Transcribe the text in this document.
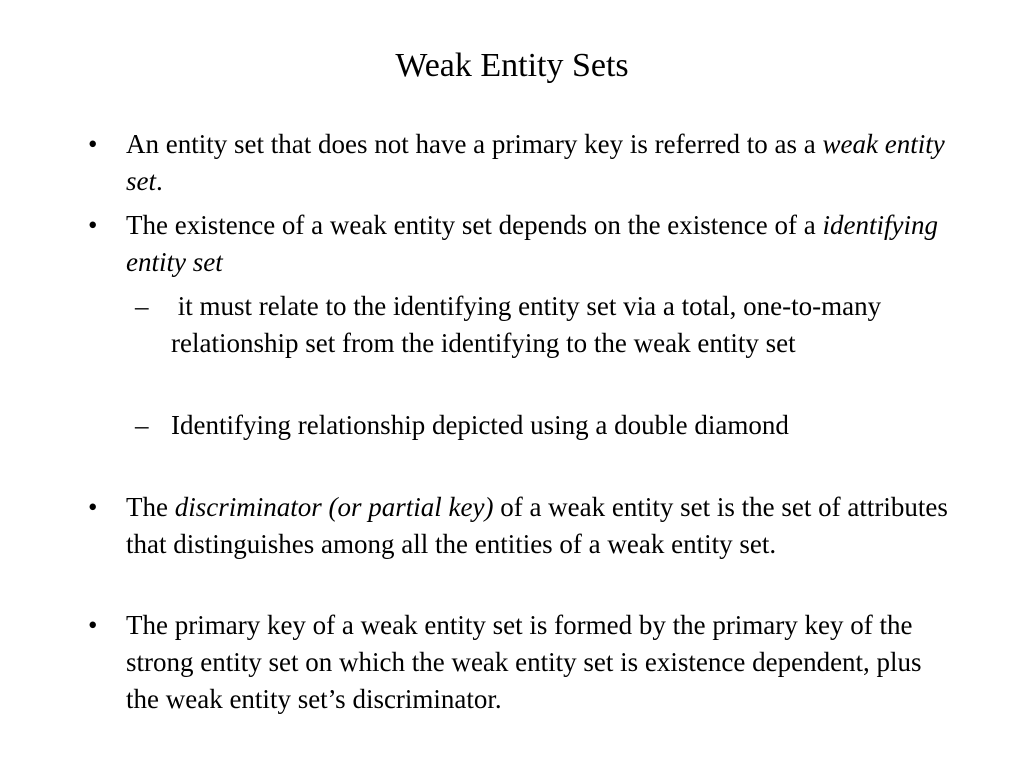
Weak Entity Sets
• An entity set that does not have a primary key is referred to as a weak entity set.
• The existence of a weak entity set depends on the existence of a identifying entity set
– it must relate to the identifying entity set via a total, one-to-many relationship set from the identifying to the weak entity set
– Identifying relationship depicted using a double diamond
• The discriminator (or partial key) of a weak entity set is the set of attributes that distinguishes among all the entities of a weak entity set.
• The primary key of a weak entity set is formed by the primary key of the strong entity set on which the weak entity set is existence dependent, plus the weak entity set’s discriminator.
